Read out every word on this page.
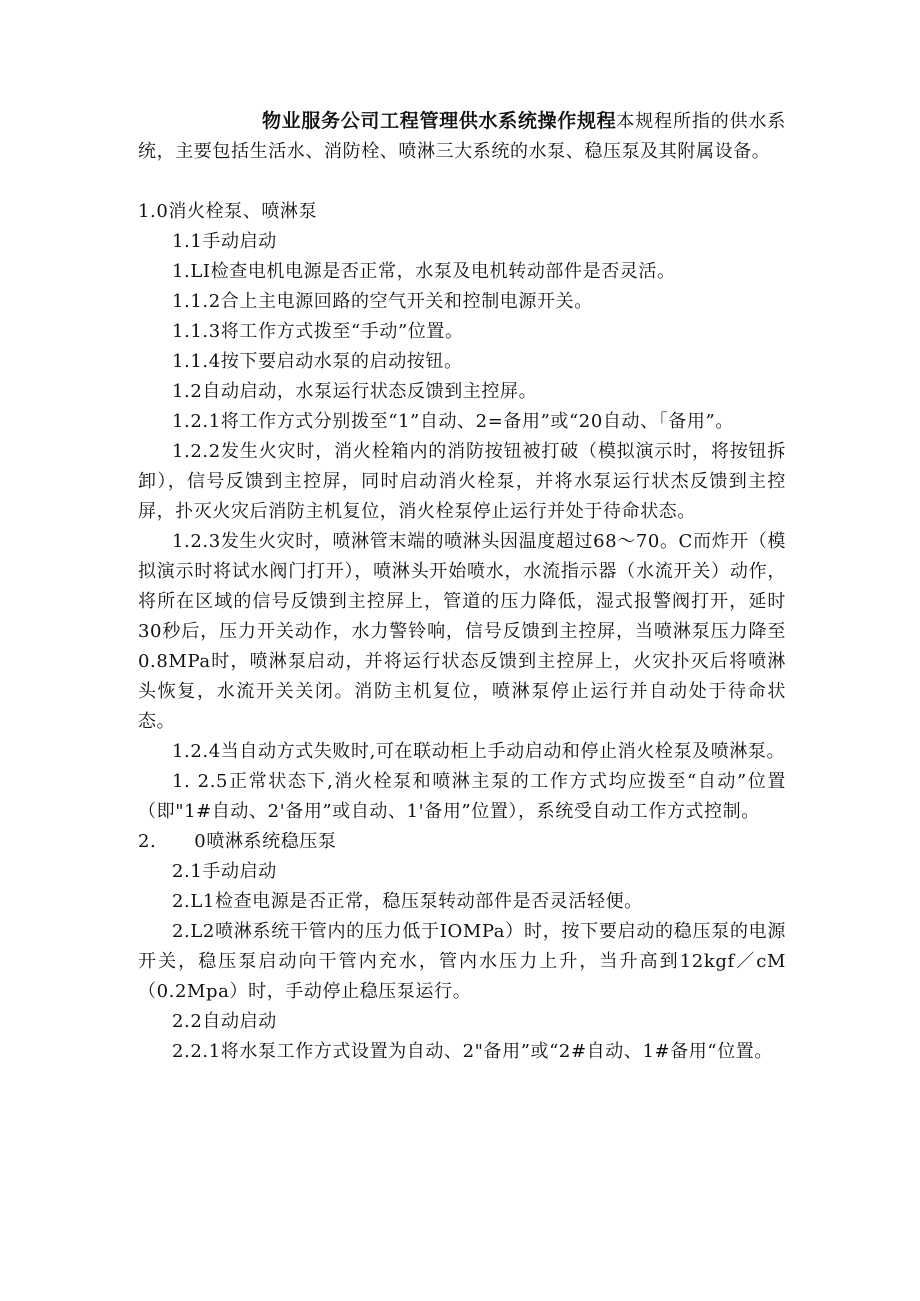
物业服务公司工程管理供水系统操作规程本规程所指的供水系统，主要包括生活水、消防栓、喷淋三大系统的水泵、稳压泵及其附属设备。

1.0消火栓泵、喷淋泵

1.1手动启动

1.LI检查电机电源是否正常，水泵及电机转动部件是否灵活。

1.1.2合上主电源回路的空气开关和控制电源开关。

1.1.3将工作方式拨至“手动”位置。

1.1.4按下要启动水泵的启动按钮。

1.2自动启动，水泵运行状态反馈到主控屏。

1.2.1将工作方式分别拨至“1”自动、2=备用”或“20自动、「备用”。

1.2.2发生火灾时，消火栓箱内的消防按钮被打破（模拟演示时，将按钮拆卸），信号反馈到主控屏，同时启动消火栓泵，并将水泵运行状杰反馈到主控屏，扑灭火灾后消防主机复位，消火栓泵停止运行并处于待命状态。

1.2.3发生火灾时，喷淋管末端的喷淋头因温度超过68～70。C而炸开（模拟演示时将试水阀门打开），喷淋头开始喷水，水流指示器（水流开关）动作，将所在区域的信号反馈到主控屏上，管道的压力降低，湿式报警阀打开，延时30秒后，压力开关动作，水力警铃响，信号反馈到主控屏，当喷淋泵压力降至0.8MPa时，喷淋泵启动，并将运行状态反馈到主控屏上，火灾扑灭后将喷淋头恢复，水流开关关闭。消防主机复位，喷淋泵停止运行并自动处于待命状态。

1.2.4当自动方式失败时,可在联动柜上手动启动和停止消火栓泵及喷淋泵。

1. 2.5正常状态下,消火栓泵和喷淋主泵的工作方式均应拨至“自动”位置（即"1#自动、2'备用”或自动、1'备用”位置），系统受自动工作方式控制。

2.      0喷淋系统稳压泵

2.1手动启动

2.L1检查电源是否正常，稳压泵转动部件是否灵活轻便。

2.L2喷淋系统干管内的压力低于IOMPa）时，按下要启动的稳压泵的电源开关，稳压泵启动向干管内充水，管内水压力上升，当升高到12kgf／cM（0.2Mpa）时，手动停止稳压泵运行。

2.2自动启动

2.2.1将水泵工作方式设置为自动、2"备用”或“2#自动、1#备用“位置。
